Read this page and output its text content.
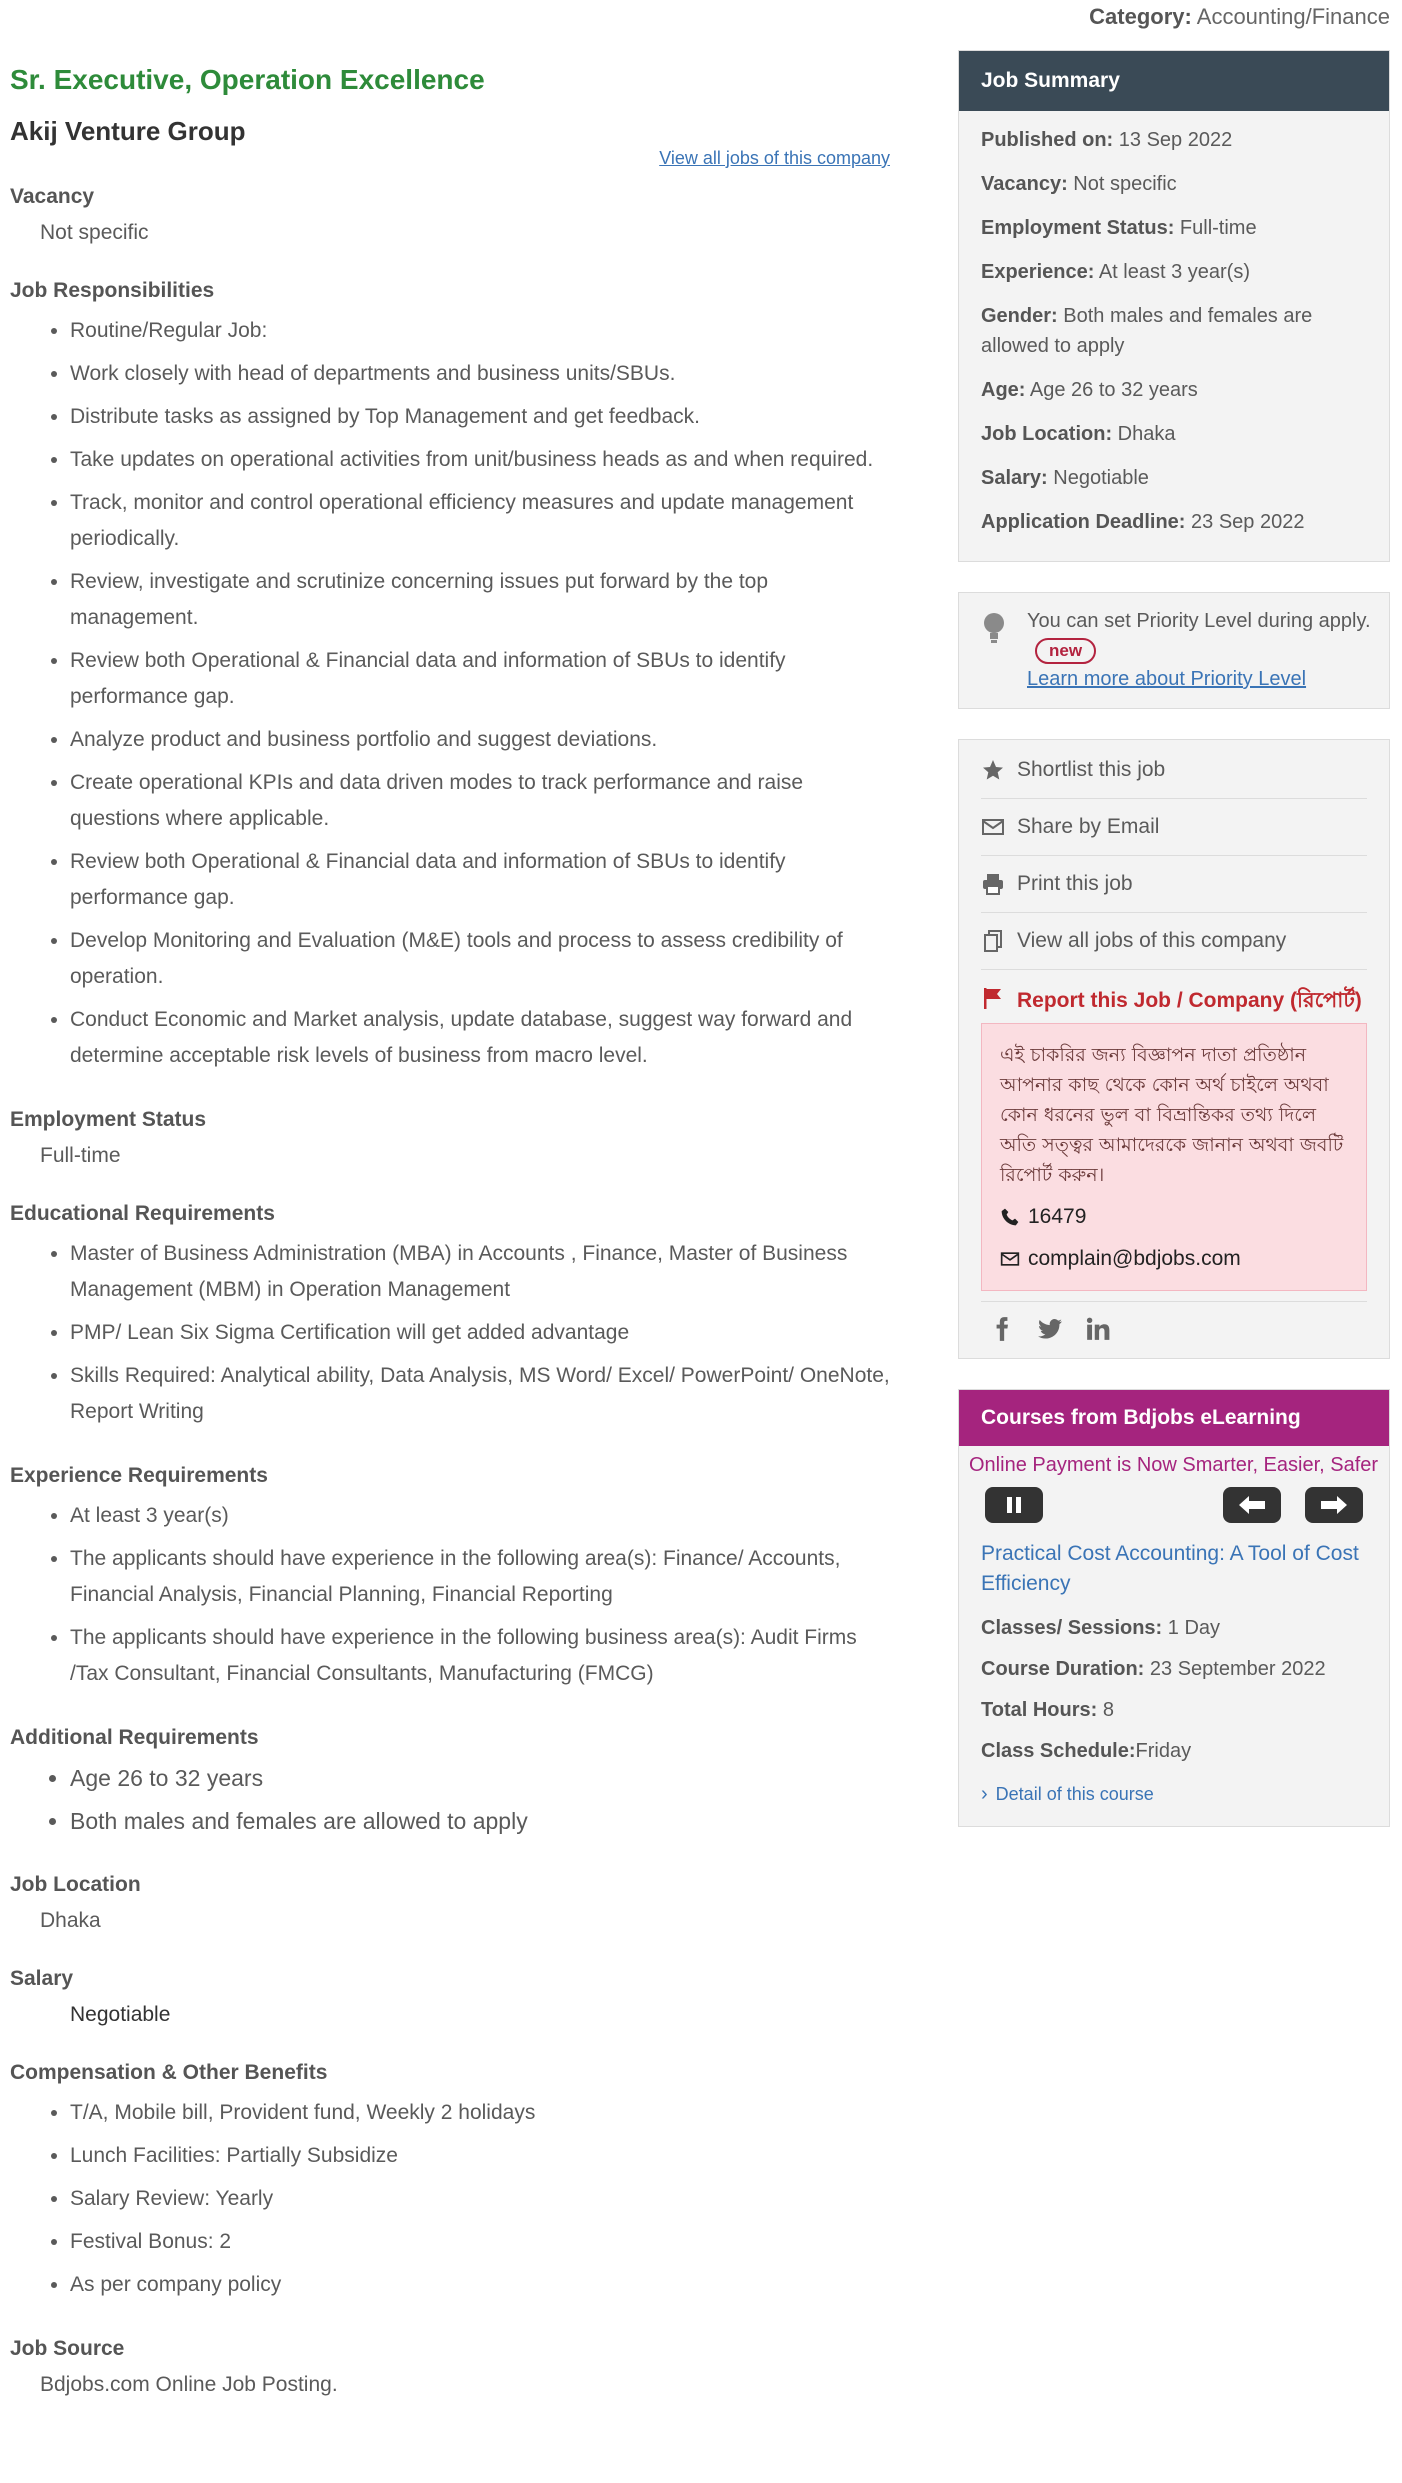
Category: Accounting/Finance
Sr. Executive, Operation Excellence
Akij Venture Group
View all jobs of this company
Vacancy
Not specific
Job Responsibilities
• Routine/Regular Job:
• Work closely with head of departments and business units/SBUs.
• Distribute tasks as assigned by Top Management and get feedback.
• Take updates on operational activities from unit/business heads as and when required.
• Track, monitor and control operational efficiency measures and update management periodically.
• Review, investigate and scrutinize concerning issues put forward by the top management.
• Review both Operational & Financial data and information of SBUs to identify performance gap.
• Analyze product and business portfolio and suggest deviations.
• Create operational KPIs and data driven modes to track performance and raise questions where applicable.
• Review both Operational & Financial data and information of SBUs to identify performance gap.
• Develop Monitoring and Evaluation (M&E) tools and process to assess credibility of operation.
• Conduct Economic and Market analysis, update database, suggest way forward and determine acceptable risk levels of business from macro level.
Employment Status
Full-time
Educational Requirements
• Master of Business Administration (MBA) in Accounts , Finance, Master of Business Management (MBM) in Operation Management
• PMP/ Lean Six Sigma Certification will get added advantage
• Skills Required: Analytical ability, Data Analysis, MS Word/ Excel/ PowerPoint/ OneNote, Report Writing
Experience Requirements
• At least 3 year(s)
• The applicants should have experience in the following area(s): Finance/ Accounts, Financial Analysis, Financial Planning, Financial Reporting
• The applicants should have experience in the following business area(s): Audit Firms /Tax Consultant, Financial Consultants, Manufacturing (FMCG)
Additional Requirements
• Age 26 to 32 years
• Both males and females are allowed to apply
Job Location
Dhaka
Salary
Negotiable
Compensation & Other Benefits
• T/A, Mobile bill, Provident fund, Weekly 2 holidays
• Lunch Facilities: Partially Subsidize
• Salary Review: Yearly
• Festival Bonus: 2
• As per company policy
Job Source
Bdjobs.com Online Job Posting.
Job Summary
Published on: 13 Sep 2022
Vacancy: Not specific
Employment Status: Full-time
Experience: At least 3 year(s)
Gender: Both males and females are allowed to apply
Age: Age 26 to 32 years
Job Location: Dhaka
Salary: Negotiable
Application Deadline: 23 Sep 2022
You can set Priority Level during apply. new
Learn more about Priority Level
Shortlist this job
Share by Email
Print this job
View all jobs of this company
Report this Job / Company (রিপোর্ট)
এই চাকরির জন্য বিজ্ঞাপন দাতা প্রতিষ্ঠান আপনার কাছ থেকে কোন অর্থ চাইলে অথবা কোন ধরনের ভুল বা বিভ্রান্তিকর তথ্য দিলে অতি সত্ত্বর আমাদেরকে জানান অথবা জবটি রিপোর্ট করুন।
16479
complain@bdjobs.com
Courses from Bdjobs eLearning
Online Payment is Now Smarter, Easier, Safer
Practical Cost Accounting: A Tool of Cost Efficiency
Classes/ Sessions: 1 Day
Course Duration: 23 September 2022
Total Hours: 8
Class Schedule:Friday
› Detail of this course
